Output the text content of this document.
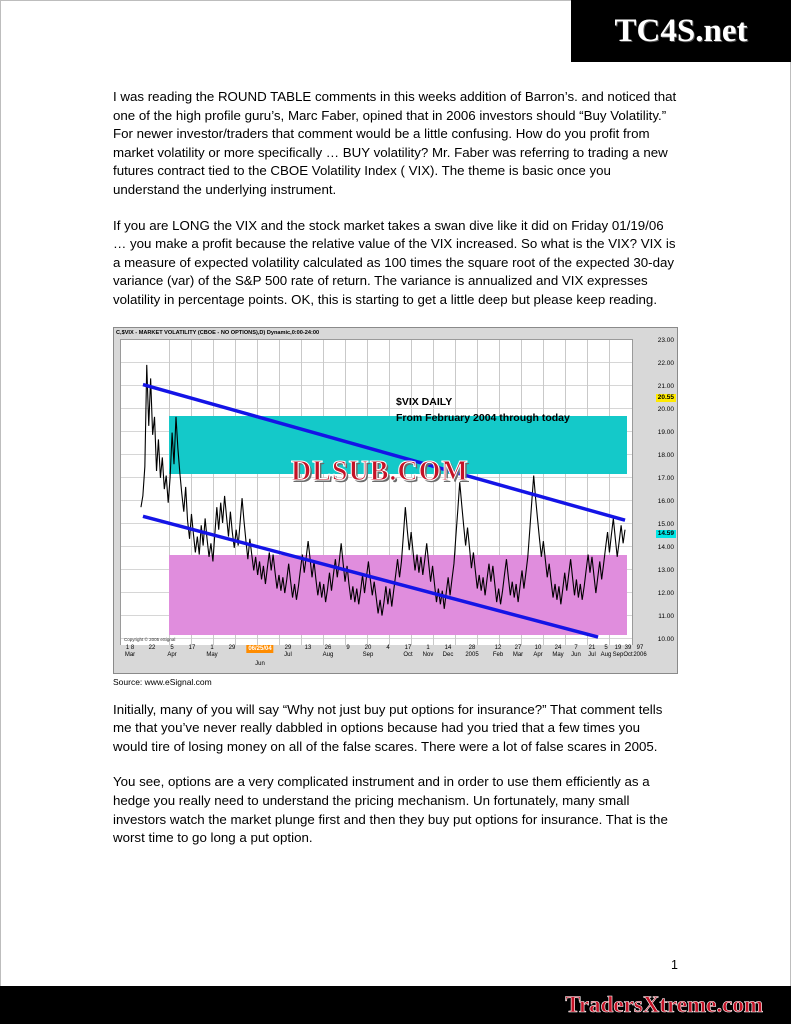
TC4S.net

I was reading the ROUND TABLE comments in this weeks addition of Barron’s. and noticed that one of the high profile guru’s, Marc Faber, opined that in 2006 investors should “Buy Volatility.” For newer investor/traders that comment would be a little confusing. How do you profit from market volatility or more specifically … BUY volatility? Mr. Faber was referring to trading a new futures contract tied to the CBOE Volatility Index ( VIX). The theme is basic once you understand the underlying instrument.

If you are LONG the VIX and the stock market takes a swan dive like it did on Friday 01/19/06 … you make a profit because the relative value of the VIX increased. So what is the VIX? VIX is a measure of expected volatility calculated as 100 times the square root of the expected 30-day variance (var) of the S&P 500 rate of return. The variance is annualized and VIX expresses volatility in percentage points. OK, this is starting to get a little deep but please keep reading.

C,$VIX - MARKET VOLATILITY (CBOE - NO OPTIONS),D) Dynamic,0:00-24:00
$VIX DAILY
From February 2004 through today
DLSUB.COM
Copyright © 2005 eSignal
23.00
22.00
21.00
20.00
19.00
18.00
17.00
16.00
15.00
14.00
13.00
12.00
11.00
10.00
20.55
14.59
1 8
Mar
22
	5
Apr
17
	1
May
29
	06/25/04

Jun
29
Jul
13
	26
Aug
9
	20
Sep
4
17
Oct
1
Nov
14
Dec
28
2005
12
Feb
27
Mar
10
Apr
24
May
7
Jun
21
Jul
5
Aug
19
Sep
39
Oct
97
2006
Source: www.eSignal.com

Initially, many of you will say “Why not just buy put options for insurance?” That comment tells me that you’ve never really dabbled in options because had you tried that a few times you would tire of losing money on all of the false scares. There were a lot of false scares in 2005.

You see, options are a very complicated instrument and in order to use them efficiently as a hedge you really need to understand the pricing mechanism. Un fortunately, many small investors watch the market plunge first and then they buy put options for insurance. That is the worst time to go long a put option.

1
TradersXtreme.com
